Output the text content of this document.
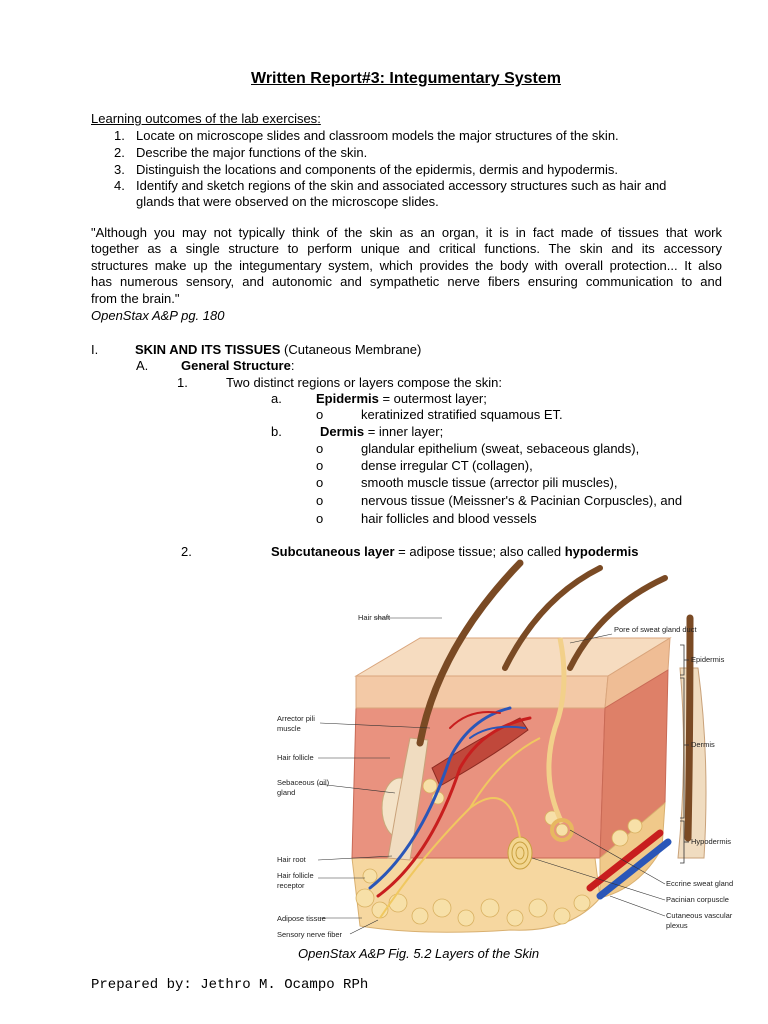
Written Report#3: Integumentary System
Learning outcomes of the lab exercises:
1. Locate on microscope slides and classroom models the major structures of the skin.
2. Describe the major functions of the skin.
3. Distinguish the locations and components of the epidermis, dermis and hypodermis.
4. Identify and sketch regions of the skin and associated accessory structures such as hair and
glands that were observed on the microscope slides.
"Although you may not typically think of the skin as an organ, it is in fact made of tissues that work
together as a single structure to perform unique and critical functions. The skin and its accessory
structures make up the integumentary system, which provides the body with overall protection... It also
has numerous sensory, and autonomic and sympathetic nerve fibers ensuring communication to and
from the brain."
OpenStax A&P pg. 180
I.	SKIN AND ITS TISSUES (Cutaneous Membrane)
A.	General Structure:
1.	Two distinct regions or layers compose the skin:
a.	Epidermis = outermost layer;
o	keratinized stratified squamous ET.
b.	Dermis = inner layer;
o	glandular epithelium (sweat, sebaceous glands),
o	dense irregular CT (collagen),
o	smooth muscle tissue (arrector pili muscles),
o	nervous tissue (Meissner's & Pacinian Corpuscles), and
o	hair follicles and blood vessels
2.	Subcutaneous layer = adipose tissue; also called hypodermis
Hair shaft
Arrector pili
muscle
Hair follicle
Sebaceous (oil)
gland
Hair root
Hair follicle
receptor
Adipose tissue
Sensory nerve fiber
Pore of sweat gland duct
Epidermis
Dermis
Hypodermis
Eccrine sweat gland
Pacinian corpuscle
Cutaneous vascular
plexus
OpenStax A&P Fig. 5.2 Layers of the Skin
Prepared by: Jethro M. Ocampo RPh
